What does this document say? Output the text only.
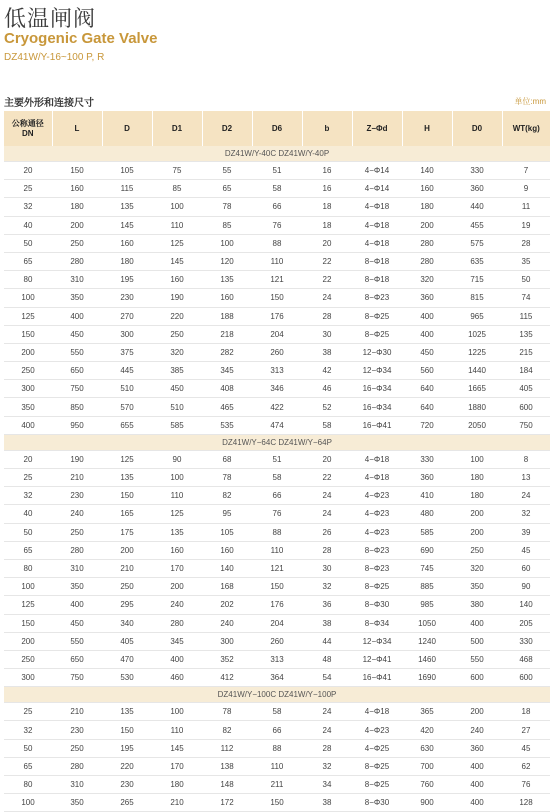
低温闸阀
Cryogenic Gate Valve
DZ41W/Y-16~100 P, R
主要外形和连接尺寸	单位:mm
公称通径
DN	L	D	D1	D2	D6	b	Z−Φd	H	D0	WT(kg)
DZ41W/Y-40C DZ41W/Y-40P										
20	150	105	75	55	51	16	4−Φ14	140	330	7
25	160	115	85	65	58	16	4−Φ14	160	360	9
32	180	135	100	78	66	18	4−Φ18	180	440	11
40	200	145	110	85	76	18	4−Φ18	200	455	19
50	250	160	125	100	88	20	4−Φ18	280	575	28
65	280	180	145	120	110	22	8−Φ18	280	635	35
80	310	195	160	135	121	22	8−Φ18	320	715	50
100	350	230	190	160	150	24	8−Φ23	360	815	74
125	400	270	220	188	176	28	8−Φ25	400	965	115
150	450	300	250	218	204	30	8−Φ25	400	1025	135
200	550	375	320	282	260	38	12−Φ30	450	1225	215
250	650	445	385	345	313	42	12−Φ34	560	1440	184
300	750	510	450	408	346	46	16−Φ34	640	1665	405
350	850	570	510	465	422	52	16−Φ34	640	1880	600
400	950	655	585	535	474	58	16−Φ41	720	2050	750
DZ41W/Y−64C DZ41W/Y−64P										
20	190	125	90	68	51	20	4−Φ18	330	100	8
25	210	135	100	78	58	22	4−Φ18	360	180	13
32	230	150	110	82	66	24	4−Φ23	410	180	24
40	240	165	125	95	76	24	4−Φ23	480	200	32
50	250	175	135	105	88	26	4−Φ23	585	200	39
65	280	200	160	160	110	28	8−Φ23	690	250	45
80	310	210	170	140	121	30	8−Φ23	745	320	60
100	350	250	200	168	150	32	8−Φ25	885	350	90
125	400	295	240	202	176	36	8−Φ30	985	380	140
150	450	340	280	240	204	38	8−Φ34	1050	400	205
200	550	405	345	300	260	44	12−Φ34	1240	500	330
250	650	470	400	352	313	48	12−Φ41	1460	550	468
300	750	530	460	412	364	54	16−Φ41	1690	600	600
DZ41W/Y−100C DZ41W/Y−100P										
25	210	135	100	78	58	24	4−Φ18	365	200	18
32	230	150	110	82	66	24	4−Φ23	420	240	27
50	250	195	145	112	88	28	4−Φ25	630	360	45
65	280	220	170	138	110	32	8−Φ25	700	400	62
80	310	230	180	148	211	34	8−Φ25	760	400	76
100	350	265	210	172	150	38	8−Φ30	900	400	128
